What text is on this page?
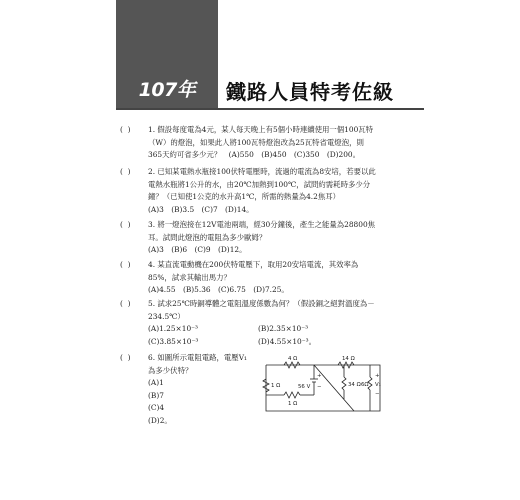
107年	鐵路人員特考佐級
(  )	1. 假設每度電為4元，某人每天晚上有5個小時連續使用一個100瓦特
（W）的燈泡，如果此人將100瓦特燈泡改為25瓦特省電燈泡，則
365天約可省多少元？　(A)550　(B)450　(C)350　(D)200。
(  )	2. 已知某電熱水瓶接100伏特電壓時，流過的電流為8安培，若要以此
電熱水瓶將1公升的水，由20℃加熱到100℃，試問約需耗時多少分
鐘？（已知使1公克的水升高1℃，所需的熱量為4.2焦耳）
(A)3　(B)3.5　(C)7　(D)14。
(  )	3. 將一燈泡接在12V電池兩端，經30分鐘後，產生之能量為28800焦
耳。試問此燈泡的電阻為多少歐姆？
(A)3　(B)6　(C)9　(D)12。
(  )	4. 某直流電動機在200伏特電壓下，取用20安培電流，其效率為
85%，試求其輸出馬力？
(A)4.55　(B)5.36　(C)6.75　(D)7.25。
(  )	5. 試求25℃時銅導體之電阻溫度係數為何？（假設銅之絕對溫度為－
234.5℃）
(A)1.25×10⁻³	(B)2.35×10⁻³
(C)3.85×10⁻³	(D)4.55×10⁻³。
(  )	6. 如圖所示電阻電路，電壓V₁
為多少伏特？
(A)1
(B)7
(C)4
(D)2。
4 Ω	14 Ω
1 Ω	56 V	34 Ω 6Ω V₁
1 Ω
+
−
+
−
